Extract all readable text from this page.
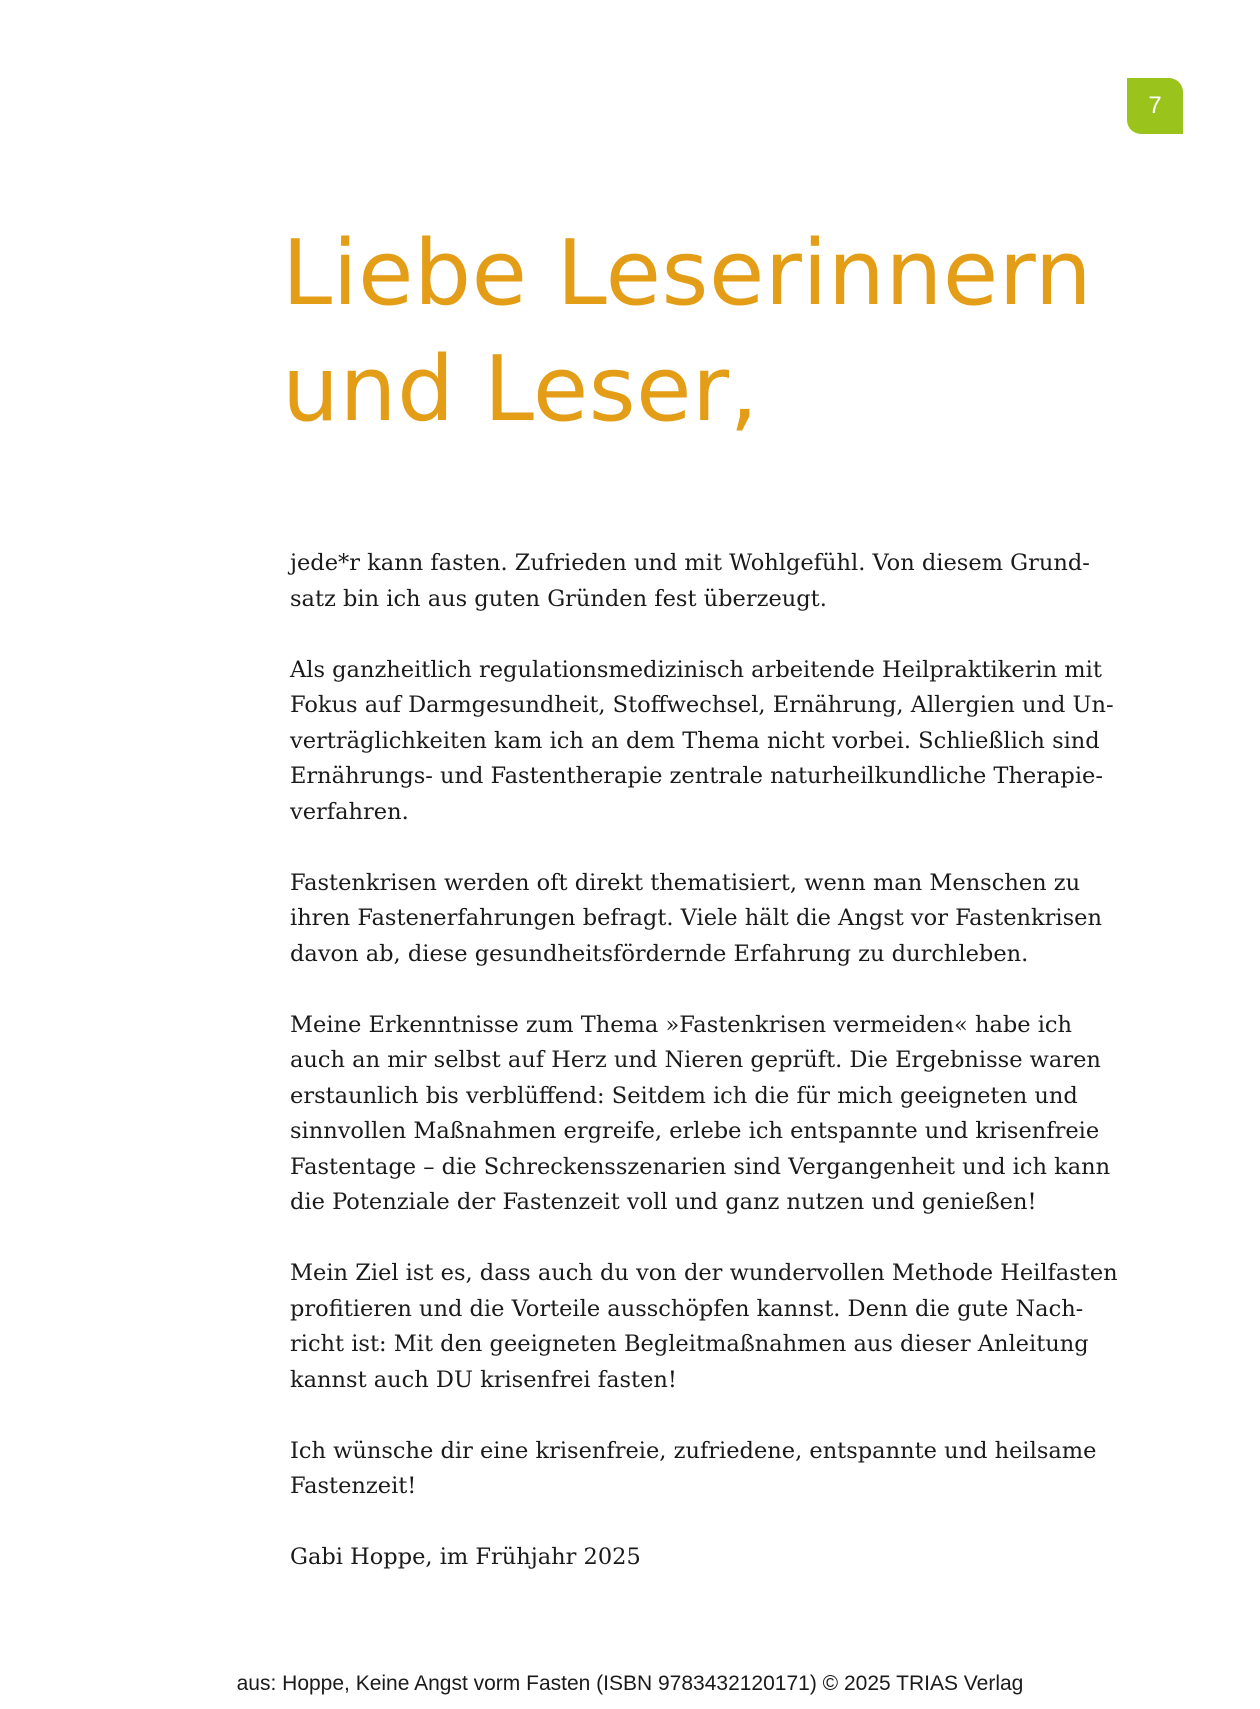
7
Liebe Leserinnern
und Leser,

jede*r kann fasten. Zufrieden und mit Wohlgefühl. Von diesem Grund-
satz bin ich aus guten Gründen fest überzeugt.

Als ganzheitlich regulationsmedizinisch arbeitende Heilpraktikerin mit
Fokus auf Darmgesundheit, Stoffwechsel, Ernährung, Allergien und Un-
verträglichkeiten kam ich an dem Thema nicht vorbei. Schließlich sind
Ernährungs- und Fastentherapie zentrale naturheilkundliche Therapie-
verfahren.

Fastenkrisen werden oft direkt thematisiert, wenn man Menschen zu
ihren Fastenerfahrungen befragt. Viele hält die Angst vor Fastenkrisen
davon ab, diese gesundheitsfördernde Erfahrung zu durchleben.

Meine Erkenntnisse zum Thema »Fastenkrisen vermeiden« habe ich
auch an mir selbst auf Herz und Nieren geprüft. Die Ergebnisse waren
erstaunlich bis verblüffend: Seitdem ich die für mich geeigneten und
sinnvollen Maßnahmen ergreife, erlebe ich entspannte und krisenfreie
Fastentage – die Schreckensszenarien sind Vergangenheit und ich kann
die Potenziale der Fastenzeit voll und ganz nutzen und genießen!

Mein Ziel ist es, dass auch du von der wundervollen Methode Heilfasten
profitieren und die Vorteile ausschöpfen kannst. Denn die gute Nach-
richt ist: Mit den geeigneten Begleitmaßnahmen aus dieser Anleitung
kannst auch DU krisenfrei fasten!

Ich wünsche dir eine krisenfreie, zufriedene, entspannte und heilsame
Fastenzeit!

Gabi Hoppe, im Frühjahr 2025

aus: Hoppe, Keine Angst vorm Fasten (ISBN 9783432120171) © 2025 TRIAS Verlag
